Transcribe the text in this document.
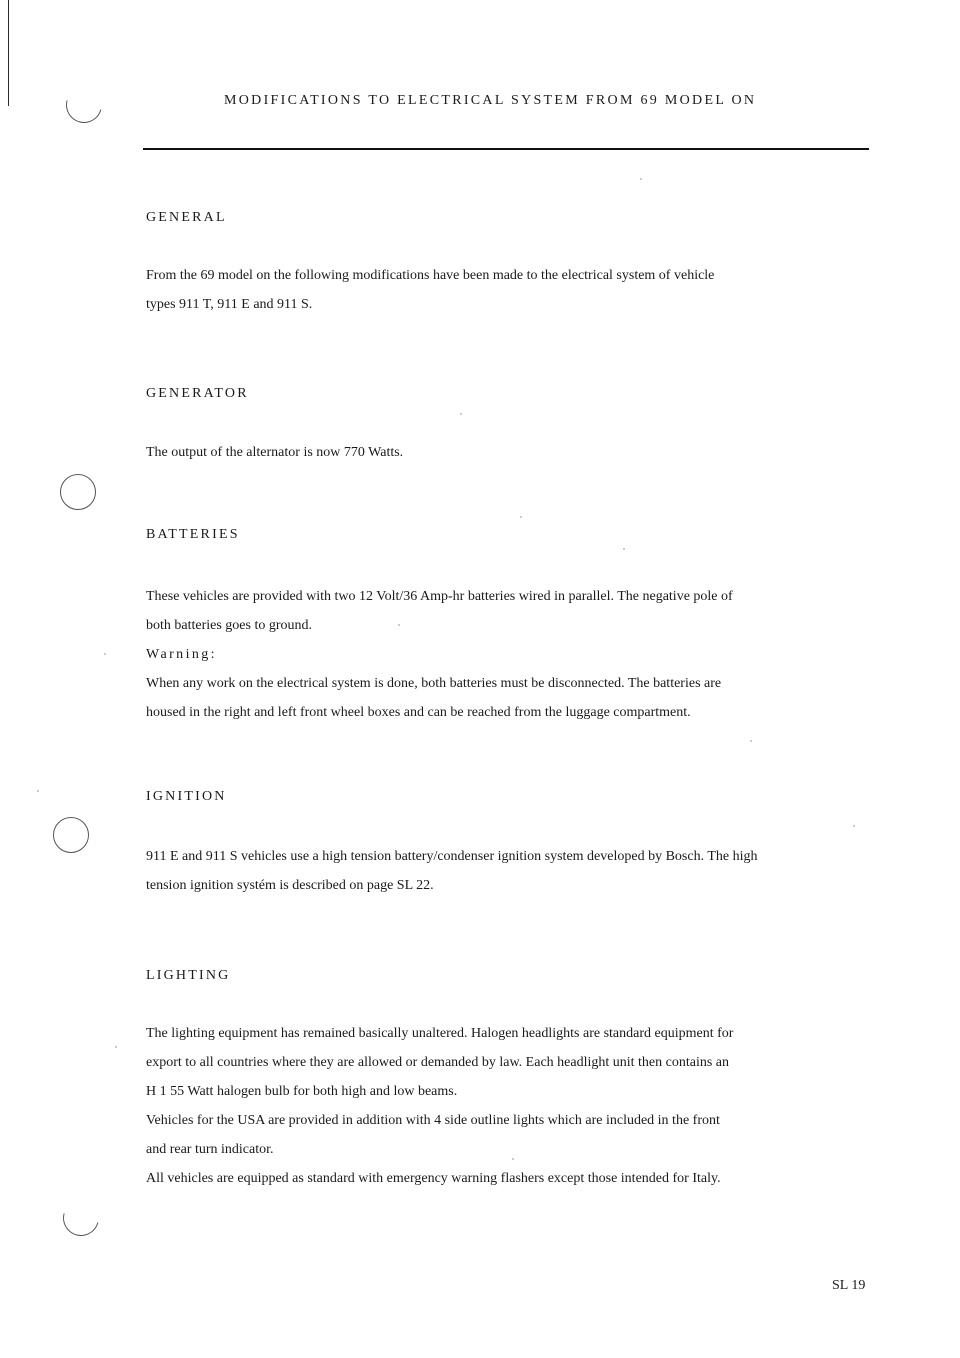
MODIFICATIONS TO ELECTRICAL SYSTEM FROM 69 MODEL ON
GENERAL

From the 69 model on the following modifications have been made to the electrical system of vehicle

types 911 T, 911 E and 911 S.

GENERATOR

The output of the alternator is now 770 Watts.

BATTERIES

These vehicles are provided with two 12 Volt/36 Amp-hr batteries wired in parallel. The negative pole of

both batteries goes to ground.

Warning:

When any work on the electrical system is done, both batteries must be disconnected. The batteries are

housed in the right and left front wheel boxes and can be reached from the luggage compartment.

IGNITION

911 E and 911 S vehicles use a high tension battery/condenser ignition system developed by Bosch. The high

tension ignition systém is described on page SL 22.

LIGHTING

The lighting equipment has remained basically unaltered. Halogen headlights are standard equipment for

export to all countries where they are allowed or demanded by law. Each headlight unit then contains an

H 1 55 Watt halogen bulb for both high and low beams.

Vehicles for the USA are provided in addition with 4 side outline lights which are included in the front

and rear turn indicator.

All vehicles are equipped as standard with emergency warning flashers except those intended for Italy.

SL 19
